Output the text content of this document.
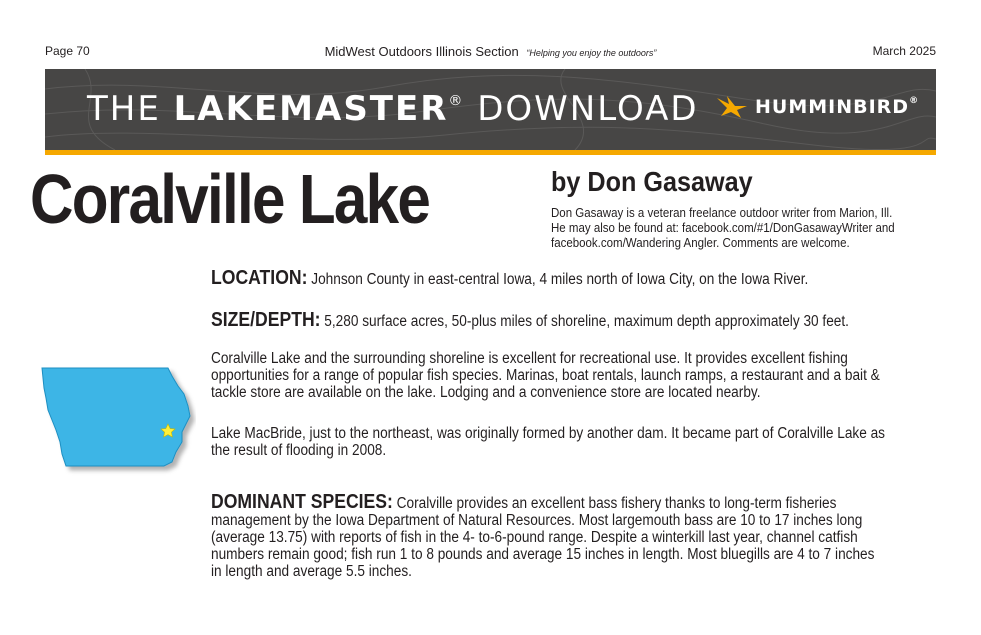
Page 70	MidWest Outdoors Illinois Section “Helping you enjoy the outdoors”	March 2025
THE LAKEMASTER® DOWNLOAD	HUMMINBIRD®
Coralville Lake	by Don Gasaway
Don Gasaway is a veteran freelance outdoor writer from Marion, Ill. He may also be found at: facebook.com/#1/DonGasawayWriter and facebook.com/Wandering Angler. Comments are welcome.
LOCATION: Johnson County in east-central Iowa, 4 miles north of Iowa City, on the Iowa River.
SIZE/DEPTH: 5,280 surface acres, 50-plus miles of shoreline, maximum depth approximately 30 feet.
Coralville Lake and the surrounding shoreline is excellent for recreational use. It provides excellent fishing opportunities for a range of popular fish species. Marinas, boat rentals, launch ramps, a restaurant and a bait & tackle store are available on the lake. Lodging and a convenience store are located nearby.
Lake MacBride, just to the northeast, was originally formed by another dam. It became part of Coralville Lake as the result of flooding in 2008.
DOMINANT SPECIES: Coralville provides an excellent bass fishery thanks to long-term fisheries management by the Iowa Department of Natural Resources. Most largemouth bass are 10 to 17 inches long (average 13.75) with reports of fish in the 4- to-6-pound range. Despite a winterkill last year, channel catfish numbers remain good; fish run 1 to 8 pounds and average 15 inches in length. Most bluegills are 4 to 7 inches in length and average 5.5 inches.
